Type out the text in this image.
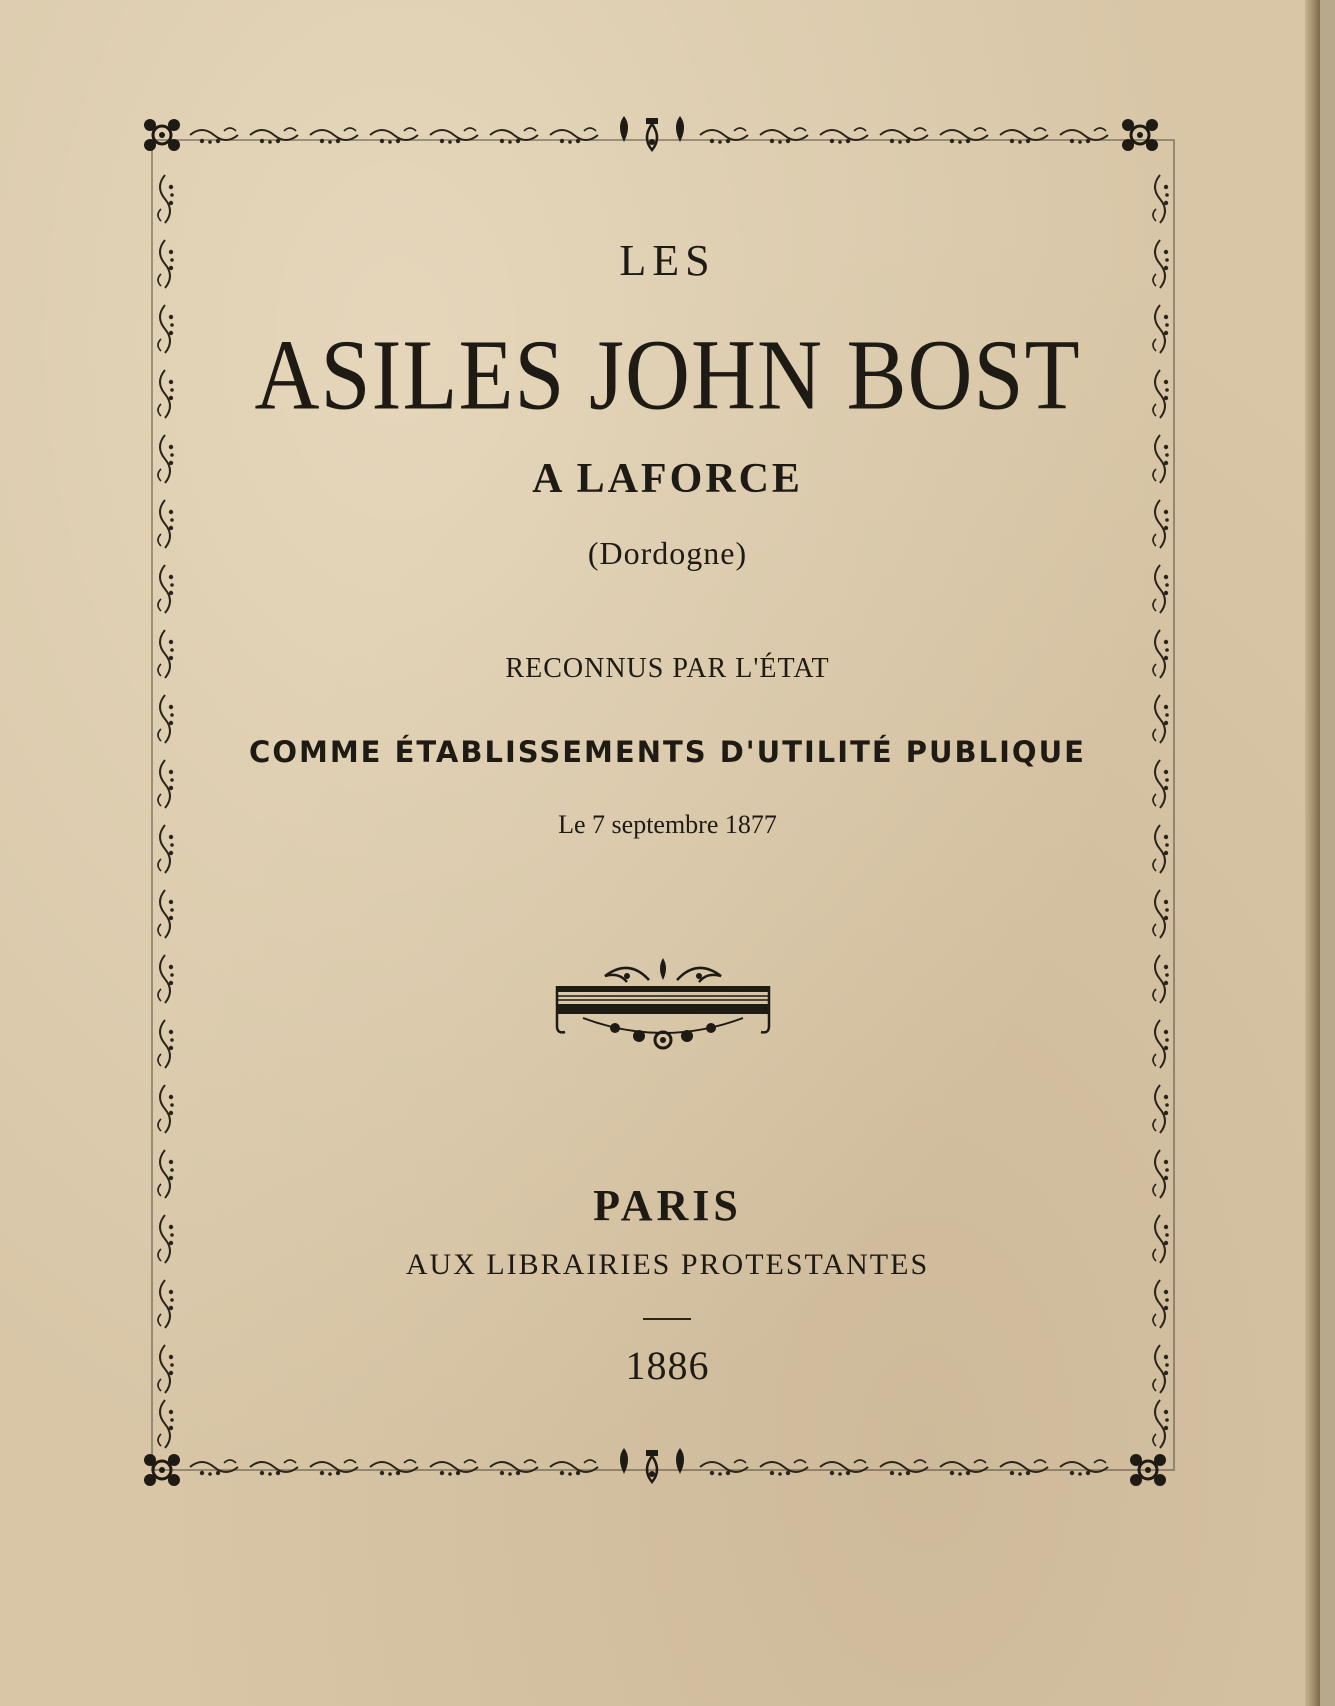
LES
ASILES JOHN BOST
A LAFORCE
(Dordogne)
RECONNUS PAR L'ÉTAT
COMME ÉTABLISSEMENTS D'UTILITÉ PUBLIQUE
Le 7 septembre 1877
PARIS
AUX LIBRAIRIES PROTESTANTES
1886
